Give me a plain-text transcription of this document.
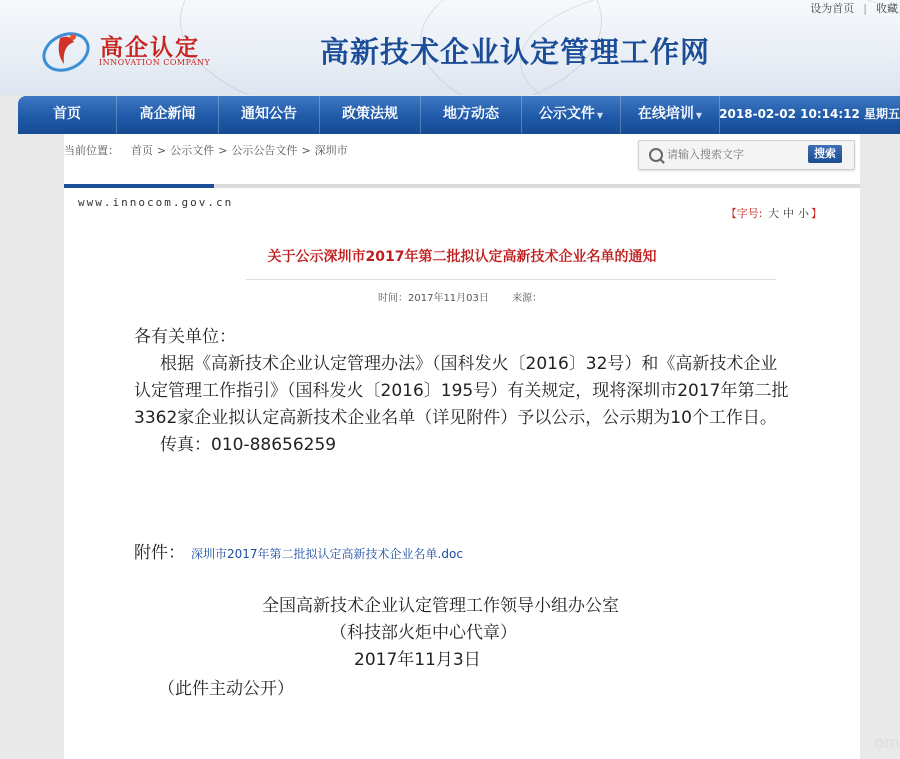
高企认定
INNOVATION COMPANY	高新技术企业认定管理工作网
设为首页 | 收藏
首页	高企新闻	通知公告	政策法规	地方动态	公示文件 ▼	在线培训 ▼	2018-02-02 10:14:12 星期五
当前位置： 首页 > 公示文件 > 公示公告文件 > 深圳市
请输入搜索文字	搜索
www.innocom.gov.cn
【字号: 大 中 小 】
关于公示深圳市2017年第二批拟认定高新技术企业名单的通知
时间：2017年11月03日 来源：

各有关单位：

根据《高新技术企业认定管理办法》（国科发火〔2016〕32号）和《高新技术企业认定管理工作指引》（国科发火〔2016〕195号）有关规定，现将深圳市2017年第二批3362家企业拟认定高新技术企业名单（详见附件）予以公示，公示期为10个工作日。

传真：010-88656259

附件： 深圳市2017年第二批拟认定高新技术企业名单.doc
全国高新技术企业认定管理工作领导小组办公室
（科技部火炬中心代章）
2017年11月3日
（此件主动公开）
om
